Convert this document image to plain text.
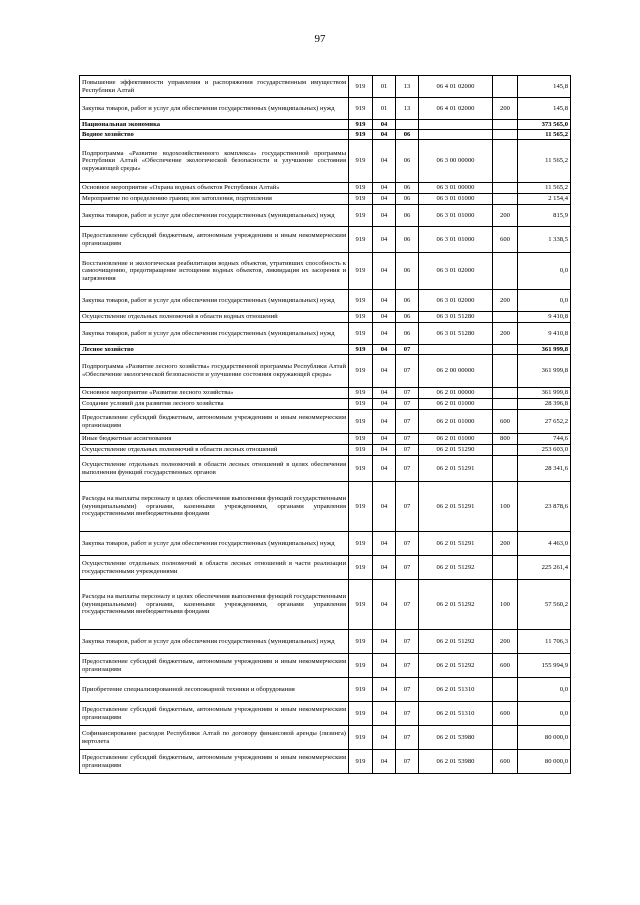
97
Повышение эффективности управления и распоряжения государственным имуществом Республики Алтай	919	01	13	06 4 01 02000		145,8
Закупка товаров, работ и услуг для обеспечения государственных (муниципальных) нужд	919	01	13	06 4 01 02000	200	145,8
Национальная экономика	919	04				373 565,0
Водное хозяйство	919	04	06			11 565,2
Подпрограмма «Развитие водохозяйственного комплекса» государственной программы Республики Алтай «Обеспечение экологической безопасности и улучшение состояния окружающей среды»	919	04	06	06 3 00 00000		11 565,2
Основное мероприятие «Охрана водных объектов Республики Алтай»	919	04	06	06 3 01 00000		11 565,2
Мероприятие по определению границ зон затопления, подтопления	919	04	06	06 3 01 01000		2 154,4
Закупка товаров, работ и услуг для обеспечения государственных (муниципальных) нужд	919	04	06	06 3 01 01000	200	815,9
Предоставление субсидий бюджетным, автономным учреждениям и иным некоммерческим организациям	919	04	06	06 3 01 01000	600	1 338,5
Восстановление и экологическая реабилитация водных объектов, утративших способность к самоочищению, предотвращение истощения водных объектов, ликвидация их засорения и загрязнения	919	04	06	06 3 01 02000		0,0
Закупка товаров, работ и услуг для обеспечения государственных (муниципальных) нужд	919	04	06	06 3 01 02000	200	0,0
Осуществление отдельных полномочий в области водных отношений	919	04	06	06 3 01 51280		9 410,8
Закупка товаров, работ и услуг для обеспечения государственных (муниципальных) нужд	919	04	06	06 3 01 51280	200	9 410,8
Лесное хозяйство	919	04	07			361 999,8
Подпрограмма «Развитие лесного хозяйства» государственной программы Республики Алтай «Обеспечение экологической безопасности и улучшение состояния окружающей среды»	919	04	07	06 2 00 00000		361 999,8
Основное мероприятие «Развитие лесного хозяйства»	919	04	07	06 2 01 00000		361 999,8
Создание условий для развития лесного хозяйства	919	04	07	06 2 01 01000		28 396,8
Предоставление субсидий бюджетным, автономным учреждениям и иным некоммерческим организациям	919	04	07	06 2 01 01000	600	27 652,2
Иные бюджетные ассигнования	919	04	07	06 2 01 01000	800	744,6
Осуществление отдельных полномочий в области лесных отношений	919	04	07	06 2 01 51290		253 603,0
Осуществление отдельных полномочий в области лесных отношений в целях обеспечения выполнения функций государственных органов	919	04	07	06 2 01 51291		28 341,6
Расходы на выплаты персоналу в целях обеспечения выполнения функций государственными (муниципальными) органами, казенными учреждениями, органами управления государственными внебюджетными фондами	919	04	07	06 2 01 51291	100	23 878,6
Закупка товаров, работ и услуг для обеспечения государственных (муниципальных) нужд	919	04	07	06 2 01 51291	200	4 463,0
Осуществление отдельных полномочий в области лесных отношений в части реализации государственными учреждениями	919	04	07	06 2 01 51292		225 261,4
Расходы на выплаты персоналу в целях обеспечения выполнения функций государственными (муниципальными) органами, казенными учреждениями, органами управления государственными внебюджетными фондами	919	04	07	06 2 01 51292	100	57 560,2
Закупка товаров, работ и услуг для обеспечения государственных (муниципальных) нужд	919	04	07	06 2 01 51292	200	11 706,3
Предоставление субсидий бюджетным, автономным учреждениям и иным некоммерческим организациям	919	04	07	06 2 01 51292	600	155 994,9
Приобретение специализированной лесопожарной техники и оборудования	919	04	07	06 2 01 51310		0,0
Предоставление субсидий бюджетным, автономным учреждениям и иным некоммерческим организациям	919	04	07	06 2 01 51310	600	0,0
Софинансирование расходов Республики Алтай по договору финансовой аренды (лизинга) вертолета	919	04	07	06 2 01 53980		80 000,0
Предоставление субсидий бюджетным, автономным учреждениям и иным некоммерческим организациям	919	04	07	06 2 01 53980	600	80 000,0
